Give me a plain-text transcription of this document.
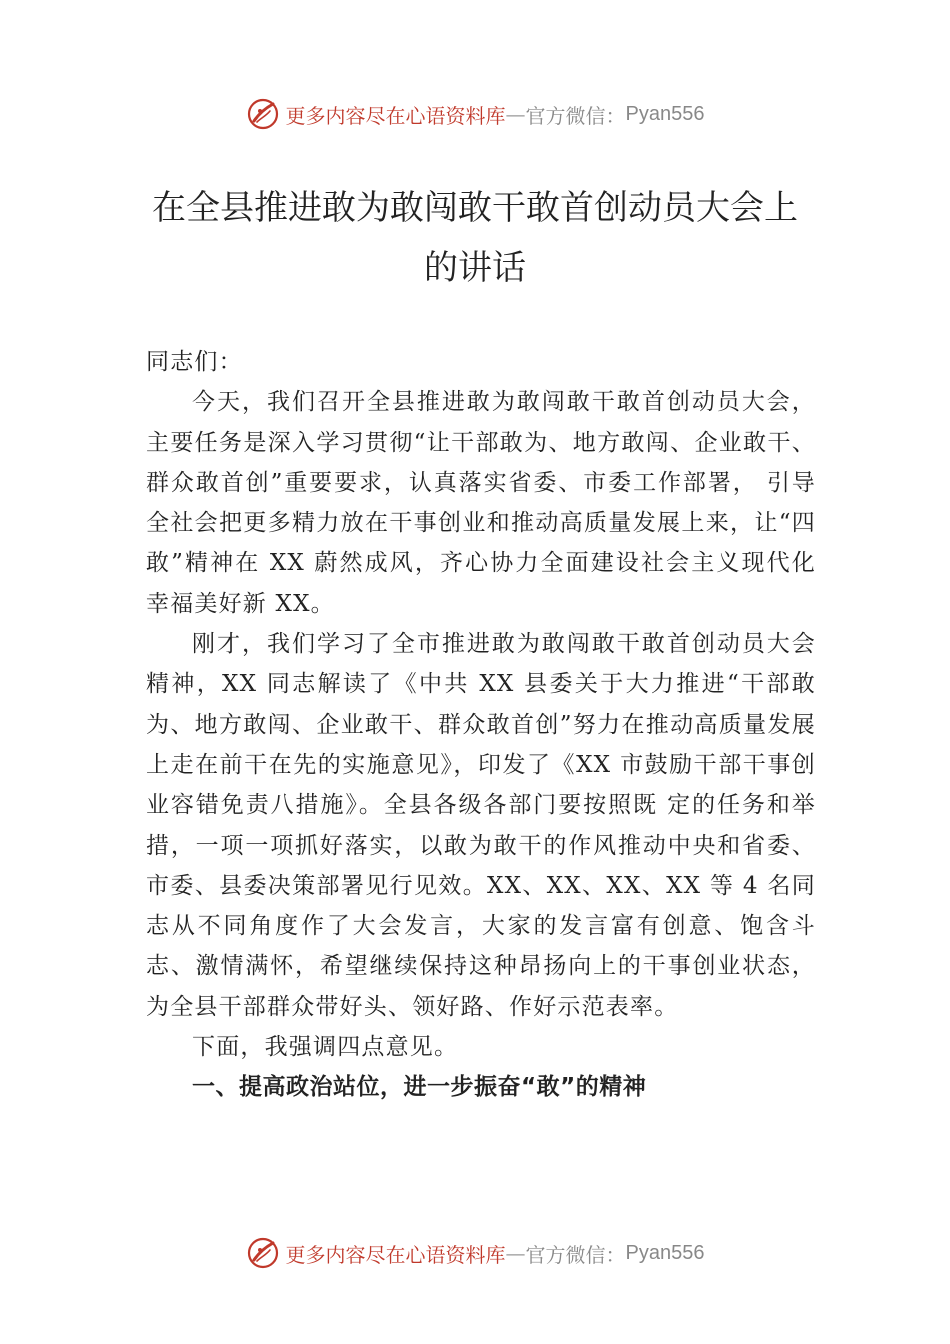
更多内容尽在心语资料库 — 官方微信： Pyan556
在全县推进敢为敢闯敢干敢首创动员大会上的讲话

同志们：

今天，我们召开全县推进敢为敢闯敢干敢首创动员大会，主要任务是深入学习贯彻“让干部敢为、地方敢闯、企业敢干、群众敢首创”重要要求，认真落实省委、市委工作部署， 引导全社会把更多精力放在干事创业和推动高质量发展上来，让“四敢”精神在 XX 蔚然成风，齐心协力全面建设社会主义现代化幸福美好新 XX。

刚才，我们学习了全市推进敢为敢闯敢干敢首创动员大会精神，XX 同志解读了《中共 XX 县委关于大力推进“干部敢为、地方敢闯、企业敢干、群众敢首创”努力在推动高质量发展上走在前干在先的实施意见》，印发了《XX 市鼓励干部干事创业容错免责八措施》。全县各级各部门要按照既 定的任务和举措，一项一项抓好落实，以敢为敢干的作风推动中央和省委、市委、县委决策部署见行见效。XX、XX、XX、XX 等 4 名同志从不同角度作了大会发言，大家的发言富有创意、饱含斗志、激情满怀，希望继续保持这种昂扬向上的干事创业状态，为全县干部群众带好头、领好路、作好示范表率。

下面，我强调四点意见。

一、提高政治站位，进一步振奋“敢”的精神

更多内容尽在心语资料库 — 官方微信： Pyan556
